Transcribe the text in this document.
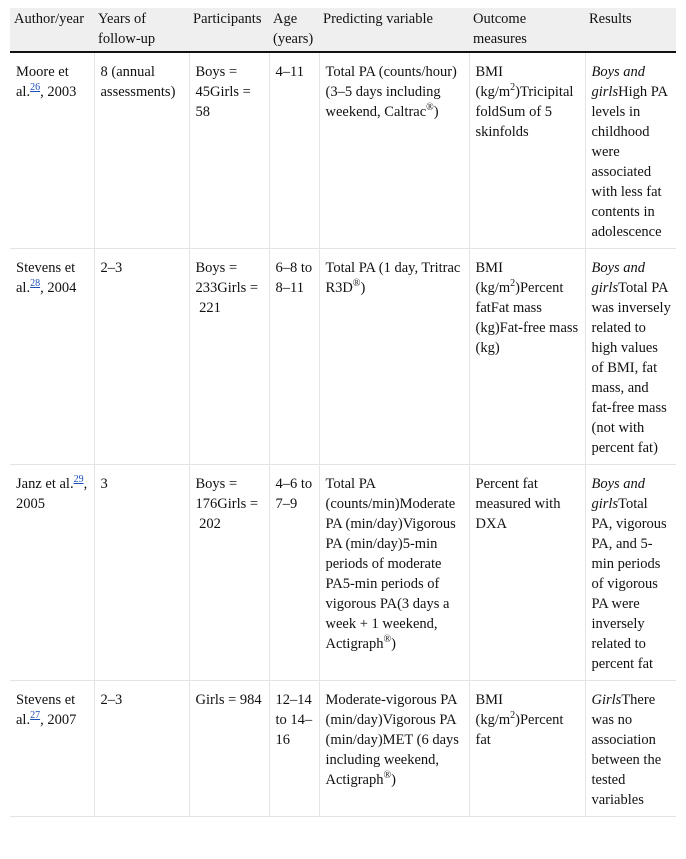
Author/year	Years of follow-up	Participants	Age (years)	Predicting variable	Outcome measures	Results
Moore et al.$^{26}$, 2003	8 (annual assessments)	Boys = 45Girls = 58	4–11	Total PA (counts/hour)(3–5 days including weekend, Caltrac®)	BMI $(kg/m^2)Tricipital$ foldSum of 5 skinfolds	Boys and girlsHigh PA levels in childhood were associated with less fat contents in adolescence
Stevens et al.$^{28}$, 2004	2–3	Boys = 233Girls =  221	6–8 to 8–11	Total PA (1 day, Tritrac R3D®)	BMI $(kg/m^2)Percent$ fatFat mass (kg)Fat-free mass (kg)	Boys and girlsTotal PA was inversely related to high values of BMI, fat mass, and fat-free mass (not with percent fat)
Janz et al.$^{29}$, 2005	3	Boys = 176Girls =  202	4–6 to 7–9	Total PA (counts/min)Moderate PA (min/day)Vigorous PA (min/day)5-min periods of moderate PA5-min periods of vigorous PA(3 days a week + 1 weekend, Actigraph®)	Percent fat measured with DXA	Boys and girlsTotal PA, vigorous PA, and 5-min periods of vigorous PA were inversely related to percent fat
Stevens et al.$^{27}$, 2007	2–3	Girls = 984	12–14 to 14–16	Moderate-vigorous PA (min/day)Vigorous PA (min/day)MET (6 days including weekend, Actigraph®)	BMI $(kg/m^2)Percent$ fat	GirlsThere was no association between the tested variables
